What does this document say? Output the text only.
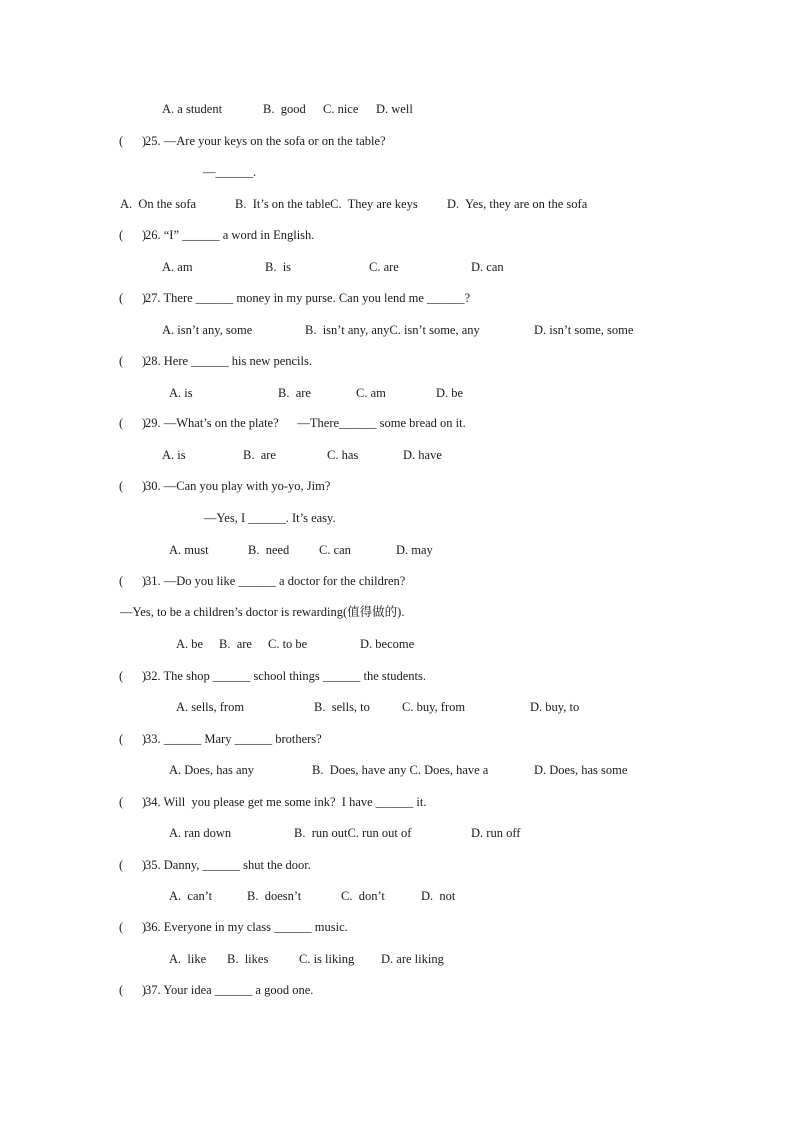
A. a student	B.  good C. nice D. well
(      )25. —Are your keys on the sofa or on the table?
—______.
A.  On the sofa	B.  It’s on the tableC.  They are keys D.  Yes, they are on the sofa
(      )26. “I” ______ a word in English.
A. am	B.  is	C. are	D. can
(      )27. There ______ money in my purse. Can you lend me ______?
A. isn’t any, some	B.  isn’t any, anyC. isn’t some, any	D. isn’t some, some
(      )28. Here ______ his new pencils.
A. is	B.  are	C. am	D. be
(      )29. ―What’s on the plate?      —There______ some bread on it.
A. is	B.  are	C. has	D. have
(      )30. ―Can you play with yo-yo, Jim?
—Yes, I ______. It’s easy.
A. must	B.  need C. can	D. may
(      )31. —Do you like ______ a doctor for the children?
―Yes, to be a children’s doctor is rewarding(值得做的).
A. be B.  are C. to be	D. become
(      )32. The shop ______ school things ______ the students.
A. sells, from	B.  sells, to	C. buy, from	D. buy, to
(      )33. ______ Mary ______ brothers?
A. Does, has any	B.  Does, have any C. Does, have a	D. Does, has some
(      )34. Will  you please get me some ink?  I have ______ it.
A. ran down	B.  run outC. run out of	D. run off
(      )35. Danny, ______ shut the door.
A.  can’t	B.  doesn’t	C.  don’t	D.  not
(      )36. Everyone in my class ______ music.
A.  like B.  likes C. is liking D. are liking
(      )37. Your idea ______ a good one.
